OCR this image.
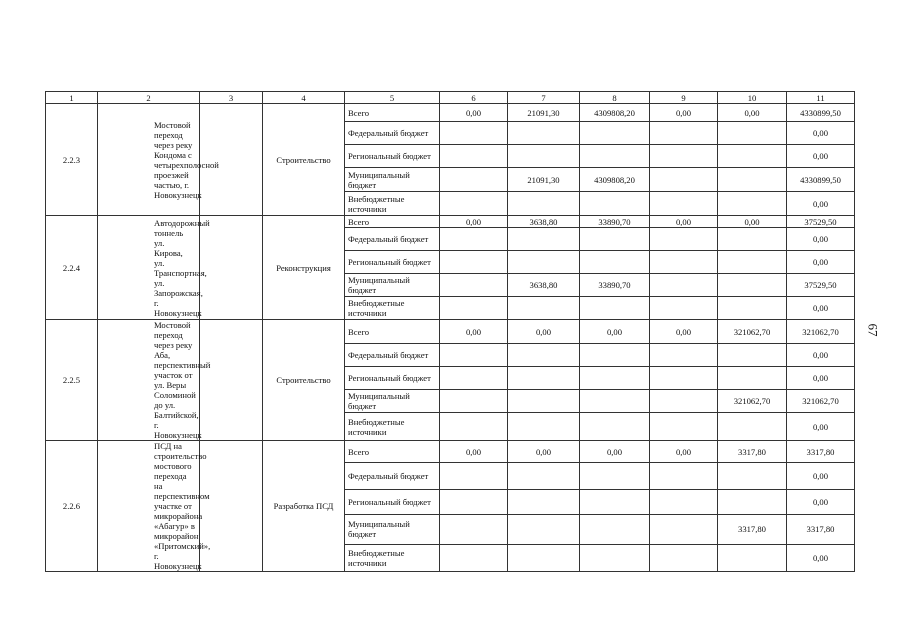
1	2	3	4	5	6	7	8	9	10	11
2.2.3	Мостовой переход через реку Кондома с четырехполосной проезжей частью, г. Новокузнецк		Строительство	Всего	0,00	21091,30	4309808,20	0,00	0,00	4330899,50
				Федеральный бюджет						0,00
				Региональный бюджет						0,00
				Муниципальный бюджет		21091,30	4309808,20			4330899,50
				Внебюджетные источники						0,00
2.2.4	Автодорожный тоннель ул. Кирова, ул. Транспортная, ул. Запорожская, г. Новокузнецк		Реконструкция	Всего	0,00	3638,80	33890,70	0,00	0,00	37529,50
				Федеральный бюджет						0,00
				Региональный бюджет						0,00
				Муниципальный бюджет		3638,80	33890,70			37529,50
				Внебюджетные источники						0,00
2.2.5	Мостовой переход через реку Аба, перспективный участок от ул. Веры Соломиной до ул. Балтийской, г. Новокузнецк		Строительство	Всего	0,00	0,00	0,00	0,00	321062,70	321062,70
				Федеральный бюджет						0,00
				Региональный бюджет						0,00
				Муниципальный бюджет					321062,70	321062,70
				Внебюджетные источники						0,00
2.2.6	ПСД на строительство мостового перехода на перспективном участке от микрорайона «Абагур» в микрорайон «Притомский», г. Новокузнецк		Разработка ПСД	Всего	0,00	0,00	0,00	0,00	3317,80	3317,80
				Федеральный бюджет						0,00
				Региональный бюджет						0,00
				Муниципальный бюджет					3317,80	3317,80
				Внебюджетные источники						0,00
67
